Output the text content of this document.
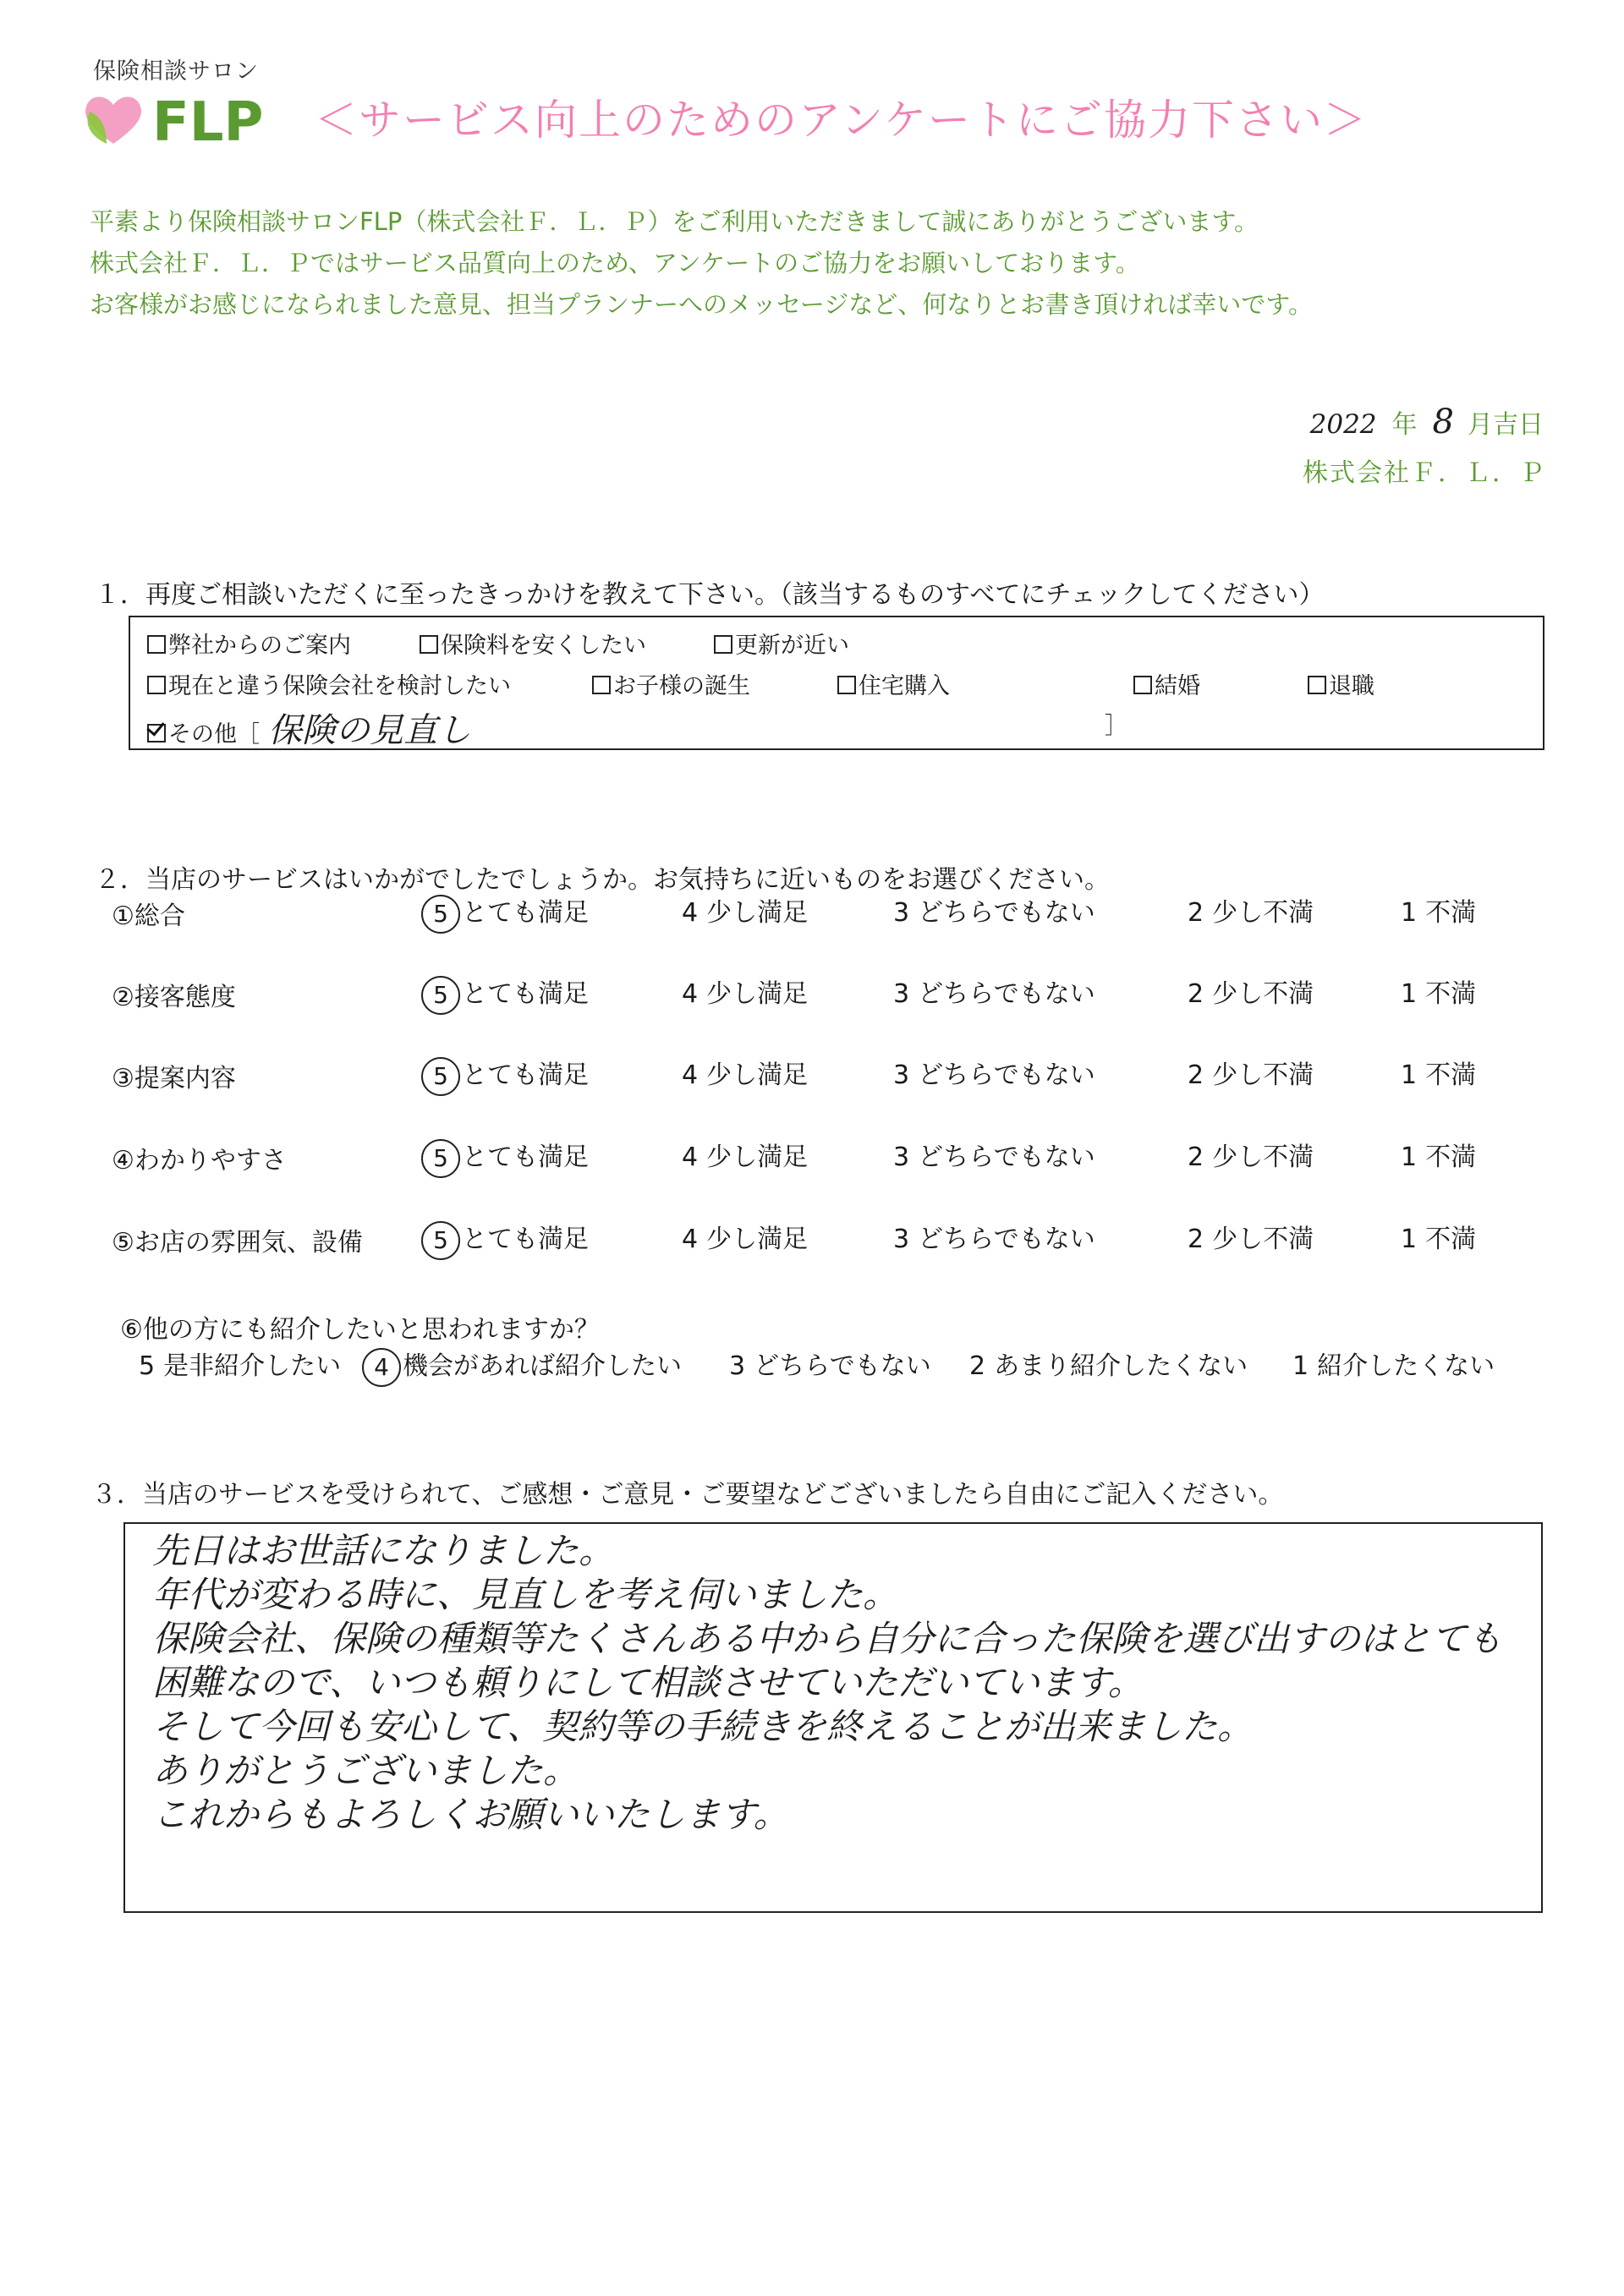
保険相談サロン
FLP ＜サービス向上のためのアンケートにご協力下さい＞
平素より保険相談サロンFLP（株式会社Ｆ．Ｌ．Ｐ）をご利用いただきまして誠にありがとうございます。
株式会社Ｆ．Ｌ．Ｐではサービス品質向上のため、アンケートのご協力をお願いしております。
お客様がお感じになられました意見、担当プランナーへのメッセージなど、何なりとお書き頂ければ幸いです。
2022 年 8 月吉日
株式会社Ｆ．Ｌ．Ｐ
１．再度ご相談いただくに至ったきっかけを教えて下さい。（該当するものすべてにチェックしてください）
弊社からのご案内	保険料を安くしたい	更新が近い
現在と違う保険会社を検討したい	お子様の誕生	住宅購入	結婚	退職
その他［ 保険の見直し	］
２．当店のサービスはいかがでしたでしょうか。お気持ちに近いものをお選びください。
①総合	5 とても満足	4 少し満足	3 どちらでもない	2 少し不満	1 不満
②接客態度	5 とても満足	4 少し満足	3 どちらでもない	2 少し不満	1 不満
③提案内容	5 とても満足	4 少し満足	3 どちらでもない	2 少し不満	1 不満
④わかりやすさ	5 とても満足	4 少し満足	3 どちらでもない	2 少し不満	1 不満
⑤お店の雰囲気、設備	5 とても満足	4 少し満足	3 どちらでもない	2 少し不満	1 不満
⑥他の方にも紹介したいと思われますか？
5 是非紹介したい	4 機会があれば紹介したい 3 どちらでもない 2 あまり紹介したくない 1 紹介したくない
３．当店のサービスを受けられて、ご感想・ご意見・ご要望などございましたら自由にご記入ください。
先日はお世話になりました。
年代が変わる時に、見直しを考え伺いました。
保険会社、保険の種類等たくさんある中から自分に合った保険を選び出すのはとても
困難なので、いつも頼りにして相談させていただいています。
そして今回も安心して、契約等の手続きを終えることが出来ました。
ありがとうございました。
これからもよろしくお願いいたします。
